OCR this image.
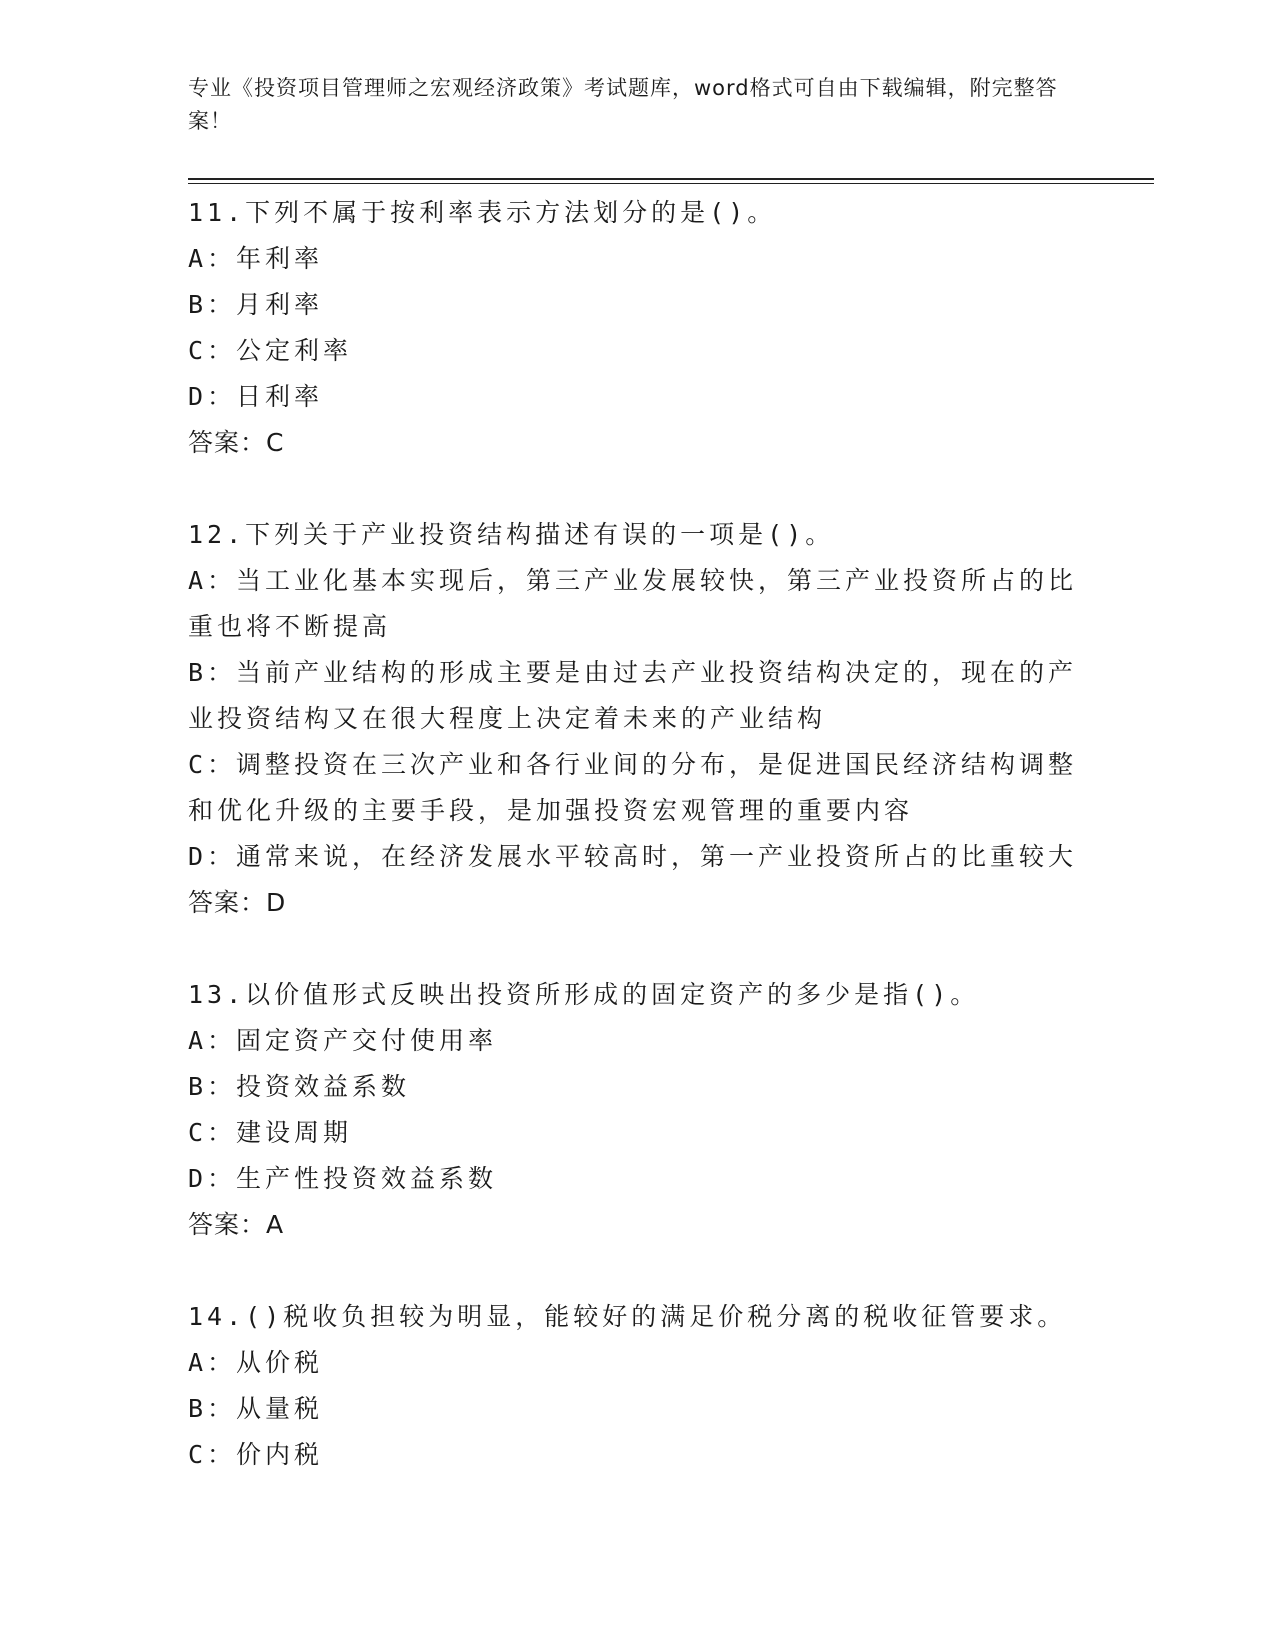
专业《投资项目管理师之宏观经济政策》考试题库，word格式可自由下载编辑，附完整答案！

11.下列不属于按利率表示方法划分的是()。

A：年利率

B：月利率

C：公定利率

D：日利率

答案：C

12.下列关于产业投资结构描述有误的一项是()。

A：当工业化基本实现后，第三产业发展较快，第三产业投资所占的比重也将不断提高

B：当前产业结构的形成主要是由过去产业投资结构决定的，现在的产业投资结构又在很大程度上决定着未来的产业结构

C：调整投资在三次产业和各行业间的分布，是促进国民经济结构调整和优化升级的主要手段，是加强投资宏观管理的重要内容

D：通常来说，在经济发展水平较高时，第一产业投资所占的比重较大

答案：D

13.以价值形式反映出投资所形成的固定资产的多少是指()。

A：固定资产交付使用率

B：投资效益系数

C：建设周期

D：生产性投资效益系数

答案：A

14.()税收负担较为明显，能较好的满足价税分离的税收征管要求。

A：从价税

B：从量税

C：价内税
